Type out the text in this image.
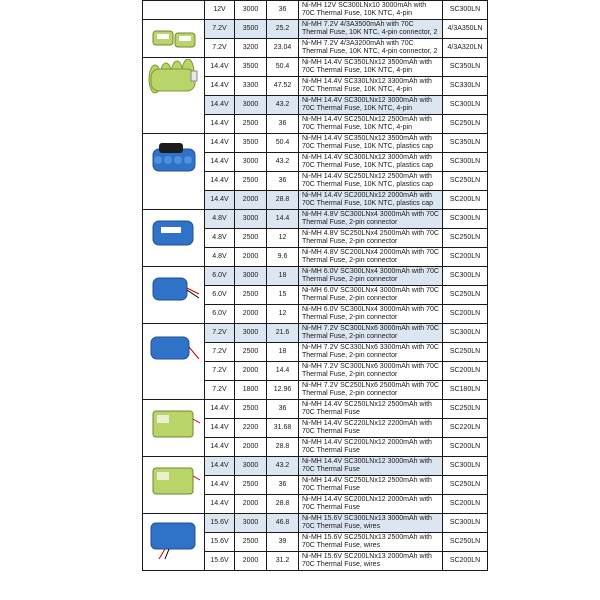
	12V	3000	36	Ni-MH 12V SC300LNx10 3000mAh with 70C Thermal Fuse, 10K NTC, 4-pin	SC300LN

	7.2V	3500	25.2	Ni-MH 7.2V 4/3A3500mAh with 70C Thermal Fuse, 10K NTC, 4-pin connector, 2	4/3A350LN
	7.2V	3200	23.04	Ni-MH 7.2V 4/3A3200mAh with 70C Thermal Fuse, 10K NTC, 4-pin connector, 2	4/3A320LN

	14.4V	3500	50.4	Ni-MH 14.4V SC350LNx12 3500mAh with 70C Thermal Fuse, 10K NTC, 4-pin	SC350LN
	14.4V	3300	47.52	Ni-MH 14.4V SC330LNx12 3300mAh with 70C Thermal Fuse, 10K NTC, 4-pin	SC330LN
	14.4V	3000	43.2	Ni-MH 14.4V SC300LNx12 3000mAh with 70C Thermal Fuse, 10K NTC, 4-pin	SC300LN
	14.4V	2500	36	Ni-MH 14.4V SC250LNx12 2500mAh with 70C Thermal Fuse, 10K NTC, 4-pin	SC250LN

	14.4V	3500	50.4	Ni-MH 14.4V SC350LNx12 3500mAh with 70C Thermal Fuse, 10K NTC, plastics cap	SC350LN
	14.4V	3000	43.2	Ni-MH 14.4V SC300LNx12 3000mAh with 70C Thermal Fuse, 10K NTC, plastics cap	SC300LN
	14.4V	2500	36	Ni-MH 14.4V SC250LNx12 2500mAh with 70C Thermal Fuse, 10K NTC, plastics cap	SC250LN
	14.4V	2000	28.8	Ni-MH 14.4V SC200LNx12 2000mAh with 70C Thermal Fuse, 10K NTC, plastics cap	SC200LN

	4.8V	3000	14.4	Ni-MH 4.8V SC300LNx4 3000mAh with 70C Thermal Fuse, 2-pin connector	SC300LN
	4.8V	2500	12	Ni-MH 4.8V SC250LNx4 2500mAh with 70C Thermal Fuse, 2-pin connector	SC250LN
	4.8V	2000	9.6	Ni-MH 4.8V SC200LNx4 2000mAh with 70C Thermal Fuse, 2-pin connector	SC200LN

	6.0V	3000	18	Ni-MH 6.0V SC300LNx4 3000mAh with 70C Thermal Fuse, 2-pin connector	SC300LN
	6.0V	2500	15	Ni-MH 6.0V SC300LNx4 3000mAh with 70C Thermal Fuse, 2-pin connector	SC250LN
	6.0V	2000	12	Ni-MH 6.0V SC300LNx4 3000mAh with 70C Thermal Fuse, 2-pin connector	SC200LN

	7.2V	3000	21.6	Ni-MH 7.2V SC300LNx6 3000mAh with 70C Thermal Fuse, 2-pin connector	SC300LN
	7.2V	2500	18	Ni-MH 7.2V SC330LNx6 3300mAh with 70C Thermal Fuse, 2-pin connector	SC250LN
	7.2V	2000	14.4	Ni-MH 7.2V SC300LNx6 3000mAh with 70C Thermal Fuse, 2-pin connector	SC200LN
	7.2V	1800	12.96	Ni-MH 7.2V SC250LNx6 2500mAh with 70C Thermal Fuse, 2-pin connector	SC180LN

	14.4V	2500	36	Ni-MH 14.4V SC250LNx12 2500mAh with 70C Thermal Fuse	SC250LN
	14.4V	2200	31.68	Ni-MH 14.4V SC220LNx12 2200mAh with 70C Thermal Fuse	SC220LN
	14.4V	2000	28.8	Ni-MH 14.4V SC200LNx12 2000mAh with 70C Thermal Fuse	SC200LN

	14.4V	3000	43.2	Ni-MH 14.4V SC300LNx12 3000mAh with 70C Thermal Fuse	SC300LN
	14.4V	2500	36	Ni-MH 14.4V SC250LNx12 2500mAh with 70C Thermal Fuse	SC250LN
	14.4V	2000	28.8	Ni-MH 14.4V SC200LNx12 2000mAh with 70C Thermal Fuse	SC200LN

	15.6V	3000	46.8	Ni-MH 15.6V SC300LNx13 3000mAh with 70C Thermal Fuse, wires	SC300LN
	15.6V	2500	39	Ni-MH 15.6V SC250LNx13 2500mAh with 70C Thermal Fuse, wires	SC250LN
	15.6V	2000	31.2	Ni-MH 15.6V SC200LNx13 2000mAh with 70C Thermal Fuse, wires	SC200LN
